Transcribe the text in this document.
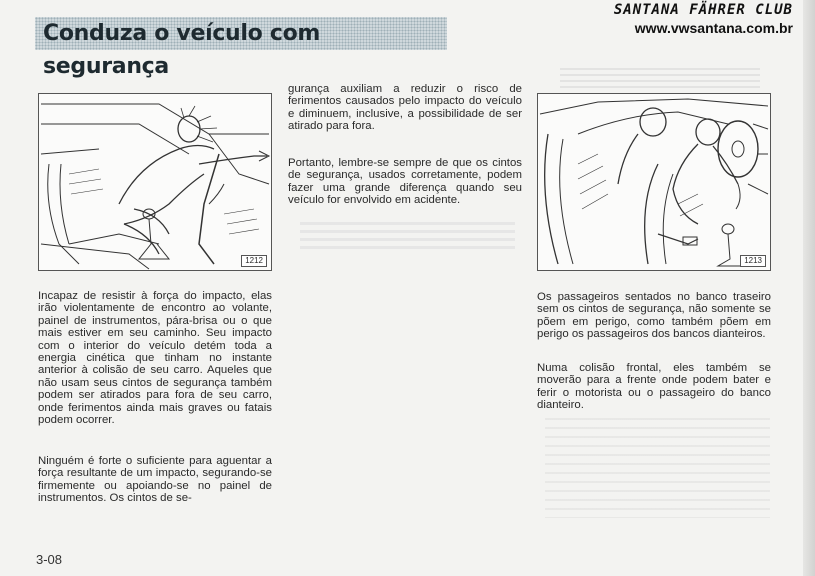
Conduza o veículo com segurança
SANTANA FÄHRER CLUB
www.vwsantana.com.br
1212	1213

Incapaz de resistir à força do impacto, elas irão violentamente de encontro ao volante, painel de instrumentos, pára-brisa ou o que mais estiver em seu caminho. Seu impacto com o interior do veículo detém toda a energia cinética que tinham no instante anterior à colisão de seu carro. Aqueles que não usam seus cintos de segurança também podem ser atirados para fora de seu carro, onde ferimentos ainda mais graves ou fatais podem ocorrer.

Ninguém é forte o suficiente para aguentar a força resultante de um impacto, segurando-se firmemente ou apoiando-se no painel de instrumentos. Os cintos de se-

gurança auxiliam a reduzir o risco de ferimentos causados pelo impacto do veículo e diminuem, inclusive, a possibilidade de ser atirado para fora.

Portanto, lembre-se sempre de que os cintos de segurança, usados corretamente, podem fazer uma grande diferença quando seu veículo for envolvido em acidente.

Os passageiros sentados no banco traseiro sem os cintos de segurança, não somente se põem em perigo, como também põem em perigo os passageiros dos bancos dianteiros.

Numa colisão frontal, eles também se moverão para a frente onde podem bater e ferir o motorista ou o passageiro do banco dianteiro.

3-08
